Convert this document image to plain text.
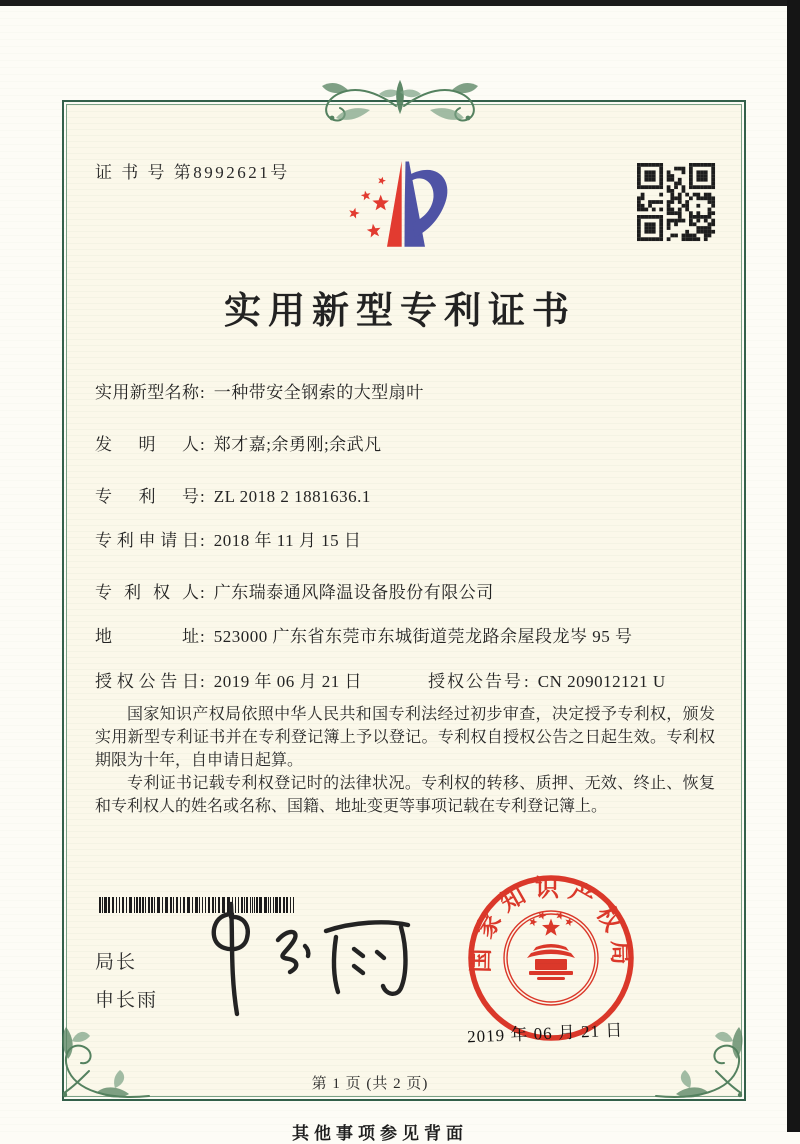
证 书 号 第8992621号
实用新型专利证书
实用新型名称: 一种带安全钢索的大型扇叶
发明人: 郑才嘉;余勇刚;余武凡
专利号: ZL 2018 2 1881636.1
专利申请日: 2018 年 11 月 15 日
专利权人: 广东瑞泰通风降温设备股份有限公司
地址: 523000 广东省东莞市东城街道莞龙路余屋段龙岑 95 号
授权公告日: 2019 年 06 月 21 日	授权公告号: CN 209012121 U

国家知识产权局依照中华人民共和国专利法经过初步审查，决定授予专利权，颁发实用新型专利证书并在专利登记簿上予以登记。专利权自授权公告之日起生效。专利权期限为十年，自申请日起算。

专利证书记载专利权登记时的法律状况。专利权的转移、质押、无效、终止、恢复和专利权人的姓名或名称、国籍、地址变更等事项记载在专利登记簿上。

局长
申长雨
国家知识产权局
2019 年 06 月 21 日
第 1 页 (共 2 页)
其他事项参见背面
